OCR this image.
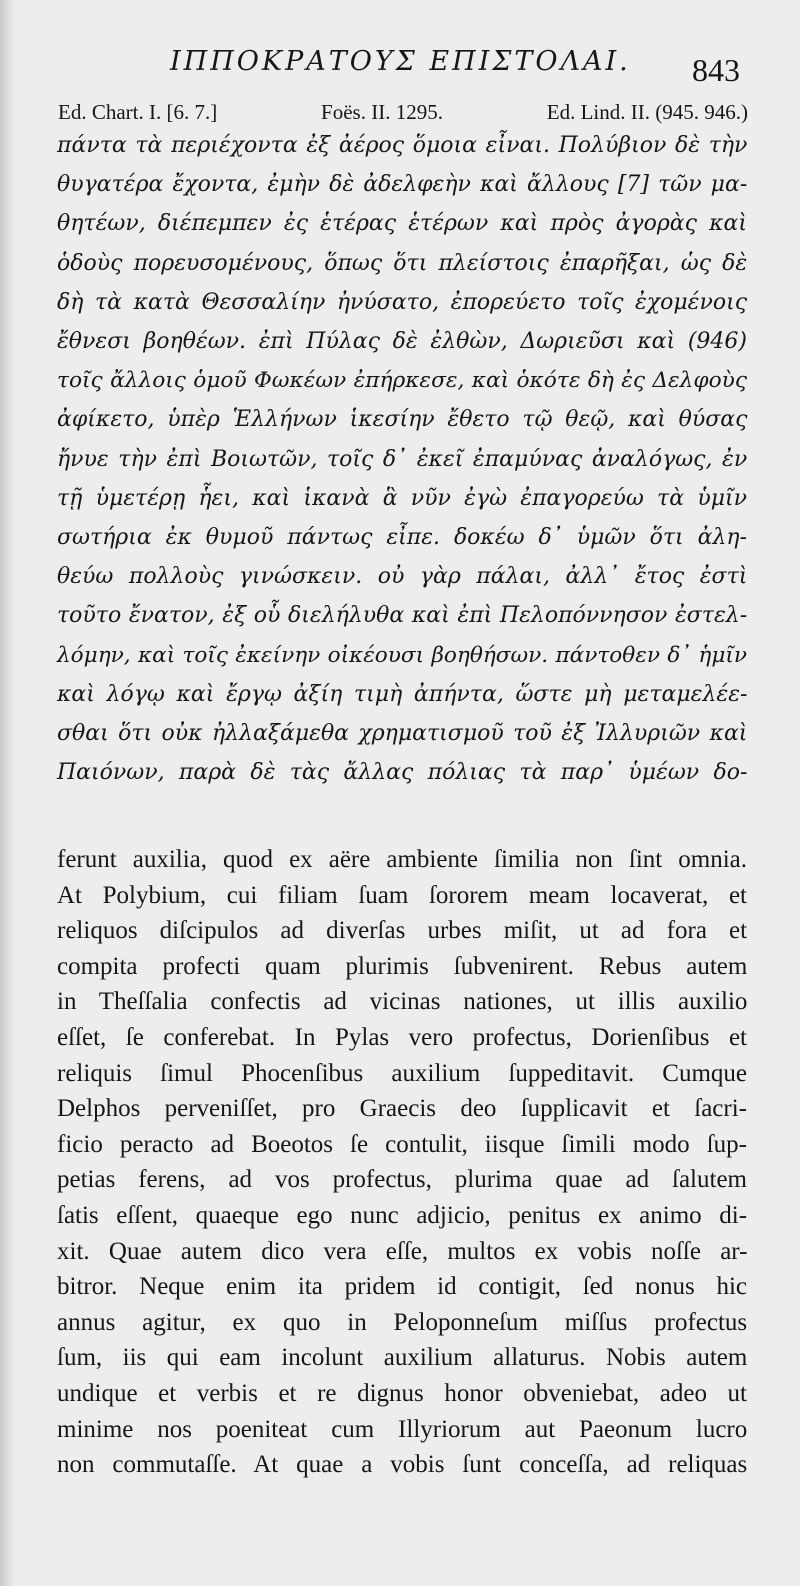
ΙΠΠΟΚΡΑΤΟΥΣ ΕΠΙΣΤΟΛΑΙ. 843
Ed. Chart. I. [6. 7.]	Foës. II. 1295.	Ed. Lind. II. (945. 946.)
πάντα τὰ περιέχοντα ἐξ ἀέρος ὅμοια εἶναι. Πολύβιον δὲ τὴν
θυγατέρα ἔχοντα, ἐμὴν δὲ ἀδελφεὴν καὶ ἄλλους [7] τῶν μα-
θητέων, διέπεμπεν ἐς ἑτέρας ἑτέρων καὶ πρὸς ἀγορὰς καὶ
ὁδοὺς πορευσομένους, ὅπως ὅτι πλείστοις ἐπαρῆξαι, ὡς δὲ
δὴ τὰ κατὰ Θεσσαλίην ἠνύσατο, ἐπορεύετο τοῖς ἐχομένοις
ἔθνεσι βοηθέων. ἐπὶ Πύλας δὲ ἐλθὼν, Δωριεῦσι καὶ (946)
τοῖς ἄλλοις ὁμοῦ Φωκέων ἐπήρκεσε, καὶ ὁκότε δὴ ἐς Δελφοὺς
ἀφίκετο, ὑπὲρ Ἑλλήνων ἱκεσίην ἔθετο τῷ θεῷ, καὶ θύσας
ἤνυε τὴν ἐπὶ Βοιωτῶν, τοῖς δ᾽ ἐκεῖ ἐπαμύνας ἀναλόγως, ἐν
τῇ ὑμετέρῃ ἧει, καὶ ἱκανὰ ἃ νῦν ἐγὼ ἐπαγορεύω τὰ ὑμῖν
σωτήρια ἐκ θυμοῦ πάντως εἶπε. δοκέω δ᾽ ὑμῶν ὅτι ἀλη-
θεύω πολλοὺς γινώσκειν. οὐ γὰρ πάλαι, ἀλλ᾽ ἔτος ἐστὶ
τοῦτο ἔνατον, ἐξ οὗ διελήλυθα καὶ ἐπὶ Πελοπόννησον ἐστελ-
λόμην, καὶ τοῖς ἐκείνην οἰκέουσι βοηθήσων. πάντοθεν δ᾽ ἡμῖν
καὶ λόγῳ καὶ ἔργῳ ἀξίη τιμὴ ἀπήντα, ὥστε μὴ μεταμελέε-
σθαι ὅτι οὐκ ἠλλαξάμεθα χρηματισμοῦ τοῦ ἐξ Ἰλλυριῶν καὶ
Παιόνων, παρὰ δὲ τὰς ἄλλας πόλιας τὰ παρ᾽ ὑμέων δο-
ferunt auxilia, quod ex aëre ambiente ſimilia non ſint omnia.
At Polybium, cui filiam ſuam ſororem meam locaverat, et
reliquos diſcipulos ad diverſas urbes miſit, ut ad fora et
compita profecti quam plurimis ſubvenirent. Rebus autem
in Theſſalia confectis ad vicinas nationes, ut illis auxilio
eſſet, ſe conferebat. In Pylas vero profectus, Dorienſibus et
reliquis ſimul Phocenſibus auxilium ſuppeditavit. Cumque
Delphos perveniſſet, pro Graecis deo ſupplicavit et ſacri-
ficio peracto ad Boeotos ſe contulit, iisque ſimili modo ſup-
petias ferens, ad vos profectus, plurima quae ad ſalutem
ſatis eſſent, quaeque ego nunc adjicio, penitus ex animo di-
xit. Quae autem dico vera eſſe, multos ex vobis noſſe ar-
bitror. Neque enim ita pridem id contigit, ſed nonus hic
annus agitur, ex quo in Peloponneſum miſſus profectus
ſum, iis qui eam incolunt auxilium allaturus. Nobis autem
undique et verbis et re dignus honor obveniebat, adeo ut
minime nos poeniteat cum Illyriorum aut Paeonum lucro
non commutaſſe. At quae a vobis ſunt conceſſa, ad reliquas
